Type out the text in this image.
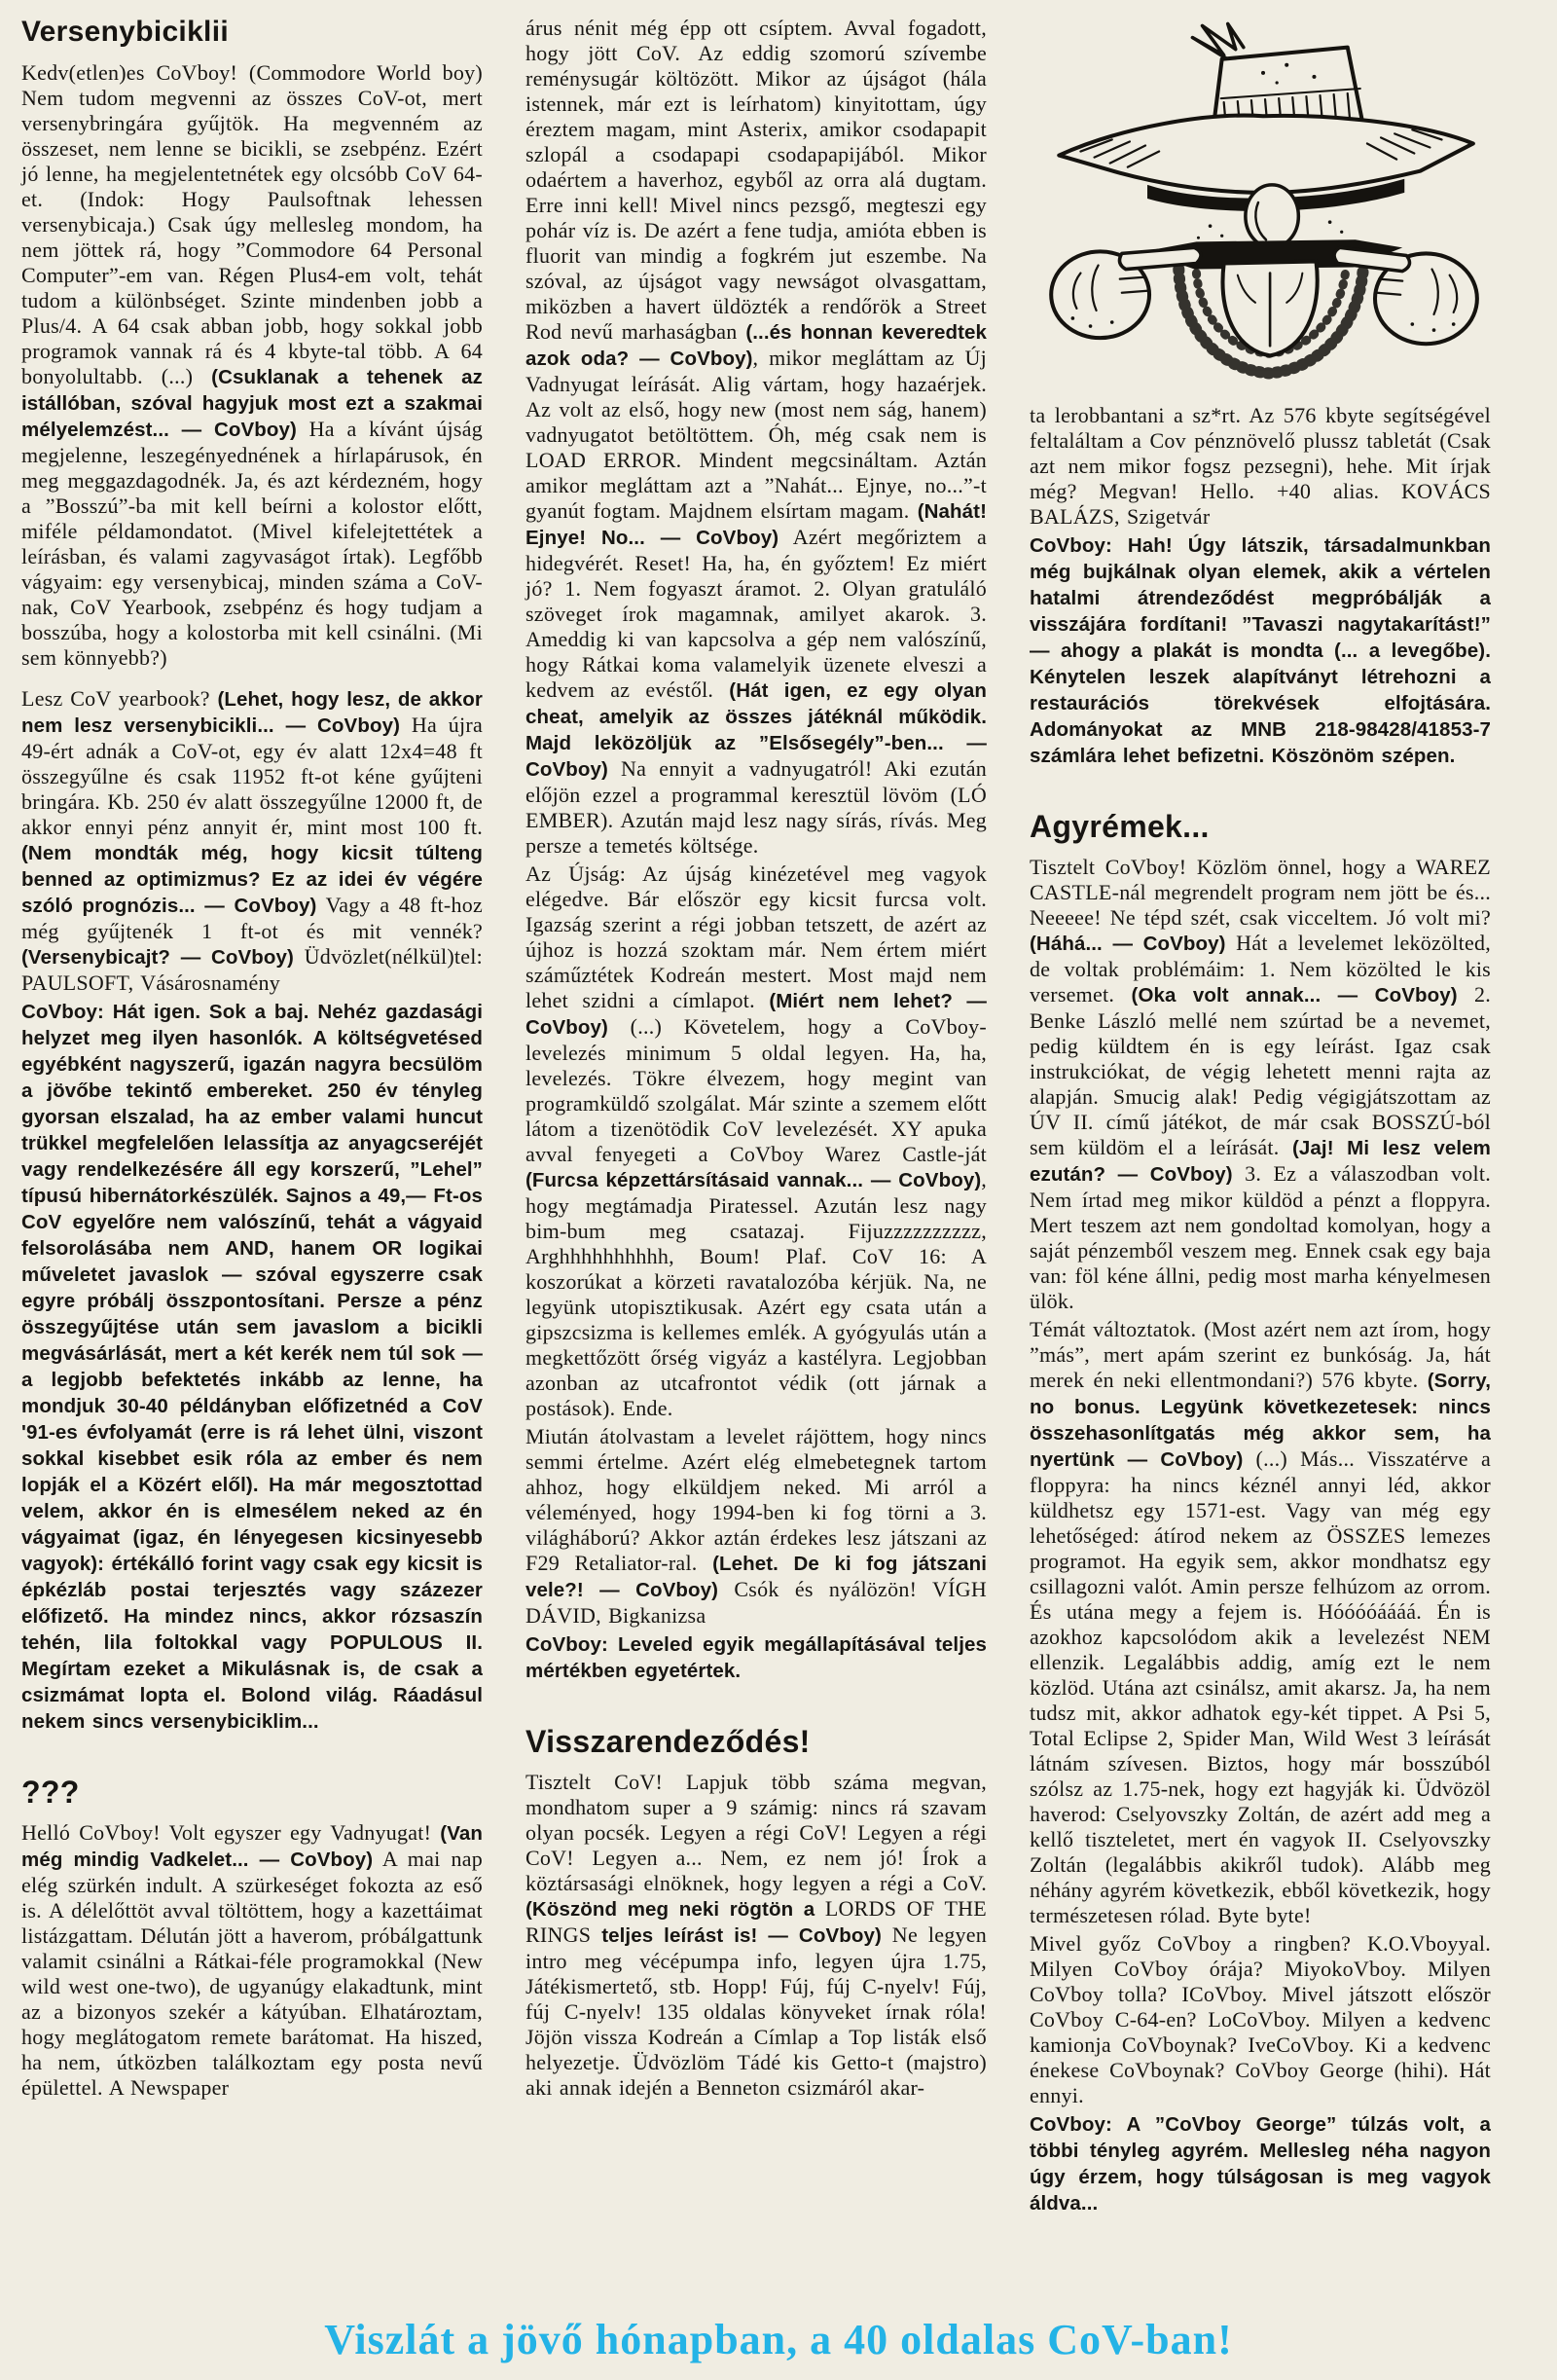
Versenybiciklii

Kedv(etlen)es CoVboy! (Commodore World boy) Nem tudom megvenni az összes CoV-ot, mert versenybringára gyűjtök. Ha megvenném az összeset, nem lenne se bicikli, se zsebpénz. Ezért jó lenne, ha megjelentetnétek egy olcsóbb CoV 64-et. (Indok: Hogy Paulsoftnak lehessen versenybicaja.) Csak úgy mellesleg mondom, ha nem jöttek rá, hogy ”Commodore 64 Personal Computer”-em van. Régen Plus4-em volt, tehát tudom a különbséget. Szinte mindenben jobb a Plus/4. A 64 csak abban jobb, hogy sokkal jobb programok vannak rá és 4 kbyte-tal több. A 64 bonyolultabb. (...) (Csuklanak a tehenek az istállóban, szóval hagyjuk most ezt a szakmai mélyelemzést... — CoVboy) Ha a kívánt újság megjelenne, leszegényednének a hírlapárusok, én meg meggazdagodnék. Ja, és azt kérdezném, hogy a ”Bosszú”-ba mit kell beírni a kolostor előtt, miféle példamondatot. (Mivel kifelejtettétek a leírásban, és valami zagyvaságot írtak). Legfőbb vágyaim: egy versenybicaj, minden száma a CoV-nak, CoV Yearbook, zsebpénz és hogy tudjam a bosszúba, hogy a kolostorba mit kell csinálni. (Mi sem könnyebb?)

Lesz CoV yearbook? (Lehet, hogy lesz, de akkor nem lesz versenybicikli... — CoVboy) Ha újra 49-ért adnák a CoV-ot, egy év alatt 12x4=48 ft összegyűlne és csak 11952 ft-ot kéne gyűjteni bringára. Kb. 250 év alatt összegyűlne 12000 ft, de akkor ennyi pénz annyit ér, mint most 100 ft. (Nem mondták még, hogy kicsit túlteng benned az optimizmus? Ez az idei év végére szóló prognózis... — CoVboy) Vagy a 48 ft-hoz még gyűjtenék 1 ft-ot és mit vennék? (Versenybicajt? — CoVboy) Üdvözlet(nélkül)tel: PAULSOFT, Vásárosnamény

CoVboy: Hát igen. Sok a baj. Nehéz gazdasági helyzet meg ilyen hasonlók. A költségvetésed egyébként nagyszerű, igazán nagyra becsülöm a jövőbe tekintő embereket. 250 év tényleg gyorsan elszalad, ha az ember valami huncut trükkel megfelelően lelassítja az anyagcseréjét vagy rendelkezésére áll egy korszerű, ”Lehel” típusú hibernátorkészülék. Sajnos a 49,— Ft-os CoV egyelőre nem valószínű, tehát a vágyaid felsorolásába nem AND, hanem OR logikai műveletet javaslok — szóval egyszerre csak egyre próbálj összpontosítani. Persze a pénz összegyűjtése után sem javaslom a bicikli megvásárlását, mert a két kerék nem túl sok — a legjobb befektetés inkább az lenne, ha mondjuk 30-40 példányban előfizetnéd a CoV '91-es évfolyamát (erre is rá lehet ülni, viszont sokkal kisebbet esik róla az ember és nem lopják el a Közért elől). Ha már megosztottad velem, akkor én is elmesélem neked az én vágyaimat (igaz, én lényegesen kicsinyesebb vagyok): értékálló forint vagy csak egy kicsit is épkézláb postai terjesztés vagy százezer előfizető. Ha mindez nincs, akkor rózsaszín tehén, lila foltokkal vagy POPULOUS II. Megírtam ezeket a Mikulásnak is, de csak a csizmámat lopta el. Bolond világ. Ráadásul nekem sincs versenybiciklim...

???

Helló CoVboy! Volt egyszer egy Vadnyugat! (Van még mindig Vadkelet... — CoVboy) A mai nap elég szürkén indult. A szürkeséget fokozta az eső is. A délelőttöt avval töltöttem, hogy a kazettáimat listázgattam. Délután jött a haverom, próbálgattunk valamit csinálni a Rátkai-féle programokkal (New wild west one-two), de ugyanúgy elakadtunk, mint az a bizonyos szekér a kátyúban. Elhatároztam, hogy meglátogatom remete barátomat. Ha hiszed, ha nem, útközben találkoztam egy posta nevű épülettel. A Newspaper

árus nénit még épp ott csíptem. Avval fogadott, hogy jött CoV. Az eddig szomorú szívembe reménysugár költözött. Mikor az újságot (hála istennek, már ezt is leírhatom) kinyitottam, úgy éreztem magam, mint Asterix, amikor csodapapit szlopál a csodapapi csodapapijából. Mikor odaértem a haverhoz, egyből az orra alá dugtam. Erre inni kell! Mivel nincs pezsgő, megteszi egy pohár víz is. De azért a fene tudja, amióta ebben is fluorit van mindig a fogkrém jut eszembe. Na szóval, az újságot vagy newságot olvasgattam, miközben a havert üldözték a rendőrök a Street Rod nevű marhaságban (...és honnan keveredtek azok oda? — CoVboy), mikor megláttam az Új Vadnyugat leírását. Alig vártam, hogy hazaérjek. Az volt az első, hogy new (most nem ság, hanem) vadnyugatot betöltöttem. Óh, még csak nem is LOAD ERROR. Mindent megcsináltam. Aztán amikor megláttam azt a ”Nahát... Ejnye, no...”-t gyanút fogtam. Majdnem elsírtam magam. (Nahát! Ejnye! No... — CoVboy) Azért megőriztem a hidegvérét. Reset! Ha, ha, én győztem! Ez miért jó? 1. Nem fogyaszt áramot. 2. Olyan gratuláló szöveget írok magamnak, amilyet akarok. 3. Ameddig ki van kapcsolva a gép nem valószínű, hogy Rátkai koma valamelyik üzenete elveszi a kedvem az evéstől. (Hát igen, ez egy olyan cheat, amelyik az összes játéknál működik. Majd leközöljük az ”Elsősegély”-ben... — CoVboy) Na ennyit a vadnyugatról! Aki ezután előjön ezzel a programmal keresztül lövöm (LÓ EMBER). Azután majd lesz nagy sírás, rívás. Meg persze a temetés költsége.

Az Újság: Az újság kinézetével meg vagyok elégedve. Bár először egy kicsit furcsa volt. Igazság szerint a régi jobban tetszett, de azért az újhoz is hozzá szoktam már. Nem értem miért száműztétek Kodreán mestert. Most majd nem lehet szidni a címlapot. (Miért nem lehet? — CoVboy) (...) Követelem, hogy a CoVboy-levelezés minimum 5 oldal legyen. Ha, ha, levelezés. Tökre élvezem, hogy megint van programküldő szolgálat. Már szinte a szemem előtt látom a tizenötödik CoV levelezését. XY apuka avval fenyegeti a CoVboy Warez Castle-ját (Furcsa képzettársításaid vannak... — CoVboy), hogy megtámadja Piratessel. Azután lesz nagy bim-bum meg csatazaj. Fijuzzzzzzzzzz, Arghhhhhhhhhh, Boum! Plaf. CoV 16: A koszorúkat a körzeti ravatalozóba kérjük. Na, ne legyünk utopisztikusak. Azért egy csata után a gipszcsizma is kellemes emlék. A gyógyulás után a megkettőzött őrség vigyáz a kastélyra. Legjobban azonban az utcafrontot védik (ott járnak a postások). Ende.

Miután átolvastam a levelet rájöttem, hogy nincs semmi értelme. Azért elég elmebetegnek tartom ahhoz, hogy elküldjem neked. Mi arról a véleményed, hogy 1994-ben ki fog törni a 3. világháború? Akkor aztán érdekes lesz játszani az F29 Retaliator-ral. (Lehet. De ki fog játszani vele?! — CoVboy) Csók és nyálözön! VÍGH DÁVID, Bigkanizsa

CoVboy: Leveled egyik megállapításával teljes mértékben egyetértek.

Visszarendeződés!

Tisztelt CoV! Lapjuk több száma megvan, mondhatom super a 9 számig: nincs rá szavam olyan pocsék. Legyen a régi CoV! Legyen a régi CoV! Legyen a... Nem, ez nem jó! Írok a köztársasági elnöknek, hogy legyen a régi a CoV. (Köszönd meg neki rögtön a LORDS OF THE RINGS teljes leírást is! — CoVboy) Ne legyen intro meg vécépumpa info, legyen újra 1.75, Játékismertető, stb. Hopp! Fúj, fúj C-nyelv! Fúj, fúj C-nyelv! 135 oldalas könyveket írnak róla! Jöjön vissza Kodreán a Címlap a Top listák első helyezetje. Üdvözlöm Tádé kis Getto-t (majstro) aki annak idején a Benneton csizmáról akar-

ta lerobbantani a sz*rt. Az 576 kbyte segítségével feltaláltam a Cov pénznövelő plussz tabletát (Csak azt nem mikor fogsz pezsegni), hehe. Mit írjak még? Megvan! Hello. +40 alias. KOVÁCS BALÁZS, Szigetvár

CoVboy: Hah! Úgy látszik, társadalmunkban még bujkálnak olyan elemek, akik a vértelen hatalmi átrendeződést megpróbálják a visszájára fordítani! ”Tavaszi nagytakarítást!” — ahogy a plakát is mondta (... a levegőbe). Kénytelen leszek alapítványt létrehozni a restaurációs törekvések elfojtására. Adományokat az MNB 218-98428/41853-7 számlára lehet befizetni. Köszönöm szépen.

Agyrémek...

Tisztelt CoVboy! Közlöm önnel, hogy a WAREZ CASTLE-nál megrendelt program nem jött be és... Neeeee! Ne tépd szét, csak vicceltem. Jó volt mi? (Háhá... — CoVboy) Hát a levelemet leközölted, de voltak problémáim: 1. Nem közölted le kis versemet. (Oka volt annak... — CoVboy) 2. Benke László mellé nem szúrtad be a nevemet, pedig küldtem én is egy leírást. Igaz csak instrukciókat, de végig lehetett menni rajta az alapján. Smucig alak! Pedig végigjátszottam az ÚV II. című játékot, de már csak BOSSZÚ-ból sem küldöm el a leírását. (Jaj! Mi lesz velem ezután? — CoVboy) 3. Ez a válaszodban volt. Nem írtad meg mikor küldöd a pénzt a floppyra. Mert teszem azt nem gondoltad komolyan, hogy a saját pénzemből veszem meg. Ennek csak egy baja van: föl kéne állni, pedig most marha kényelmesen ülök.

Témát változtatok. (Most azért nem azt írom, hogy ”más”, mert apám szerint ez bunkóság. Ja, hát merek én neki ellentmondani?) 576 kbyte. (Sorry, no bonus. Legyünk következetesek: nincs összehasonlítgatás még akkor sem, ha nyertünk — CoVboy) (...) Más... Visszatérve a floppyra: ha nincs kéznél annyi léd, akkor küldhetsz egy 1571-est. Vagy van még egy lehetőséged: átírod nekem az ÖSSZES lemezes programot. Ha egyik sem, akkor mondhatsz egy csillagozni valót. Amin persze felhúzom az orrom. És utána megy a fejem is. Hóóóóáááá. Én is azokhoz kapcsolódom akik a levelezést NEM ellenzik. Legalábbis addig, amíg ezt le nem közlöd. Utána azt csinálsz, amit akarsz. Ja, ha nem tudsz mit, akkor adhatok egy-két tippet. A Psi 5, Total Eclipse 2, Spider Man, Wild West 3 leírását látnám szívesen. Biztos, hogy már bosszúból szólsz az 1.75-nek, hogy ezt hagyják ki. Üdvözöl haverod: Cselyovszky Zoltán, de azért add meg a kellő tiszteletet, mert én vagyok II. Cselyovszky Zoltán (legalábbis akikről tudok). Alább meg néhány agyrém következik, ebből következik, hogy természetesen rólad. Byte byte!

Mivel győz CoVboy a ringben? K.O.Vboyyal. Milyen CoVboy órája? MiyokoVboy. Milyen CoVboy tolla? ICoVboy. Mivel játszott először CoVboy C-64-en? LoCoVboy. Milyen a kedvenc kamionja CoVboynak? IveCoVboy. Ki a kedvenc énekese CoVboynak? CoVboy George (hihi). Hát ennyi.

CoVboy: A ”CoVboy George” túlzás volt, a többi tényleg agyrém. Mellesleg néha nagyon úgy érzem, hogy túlságosan is meg vagyok áldva...

Viszlát a jövő hónapban, a 40 oldalas CoV-ban!
